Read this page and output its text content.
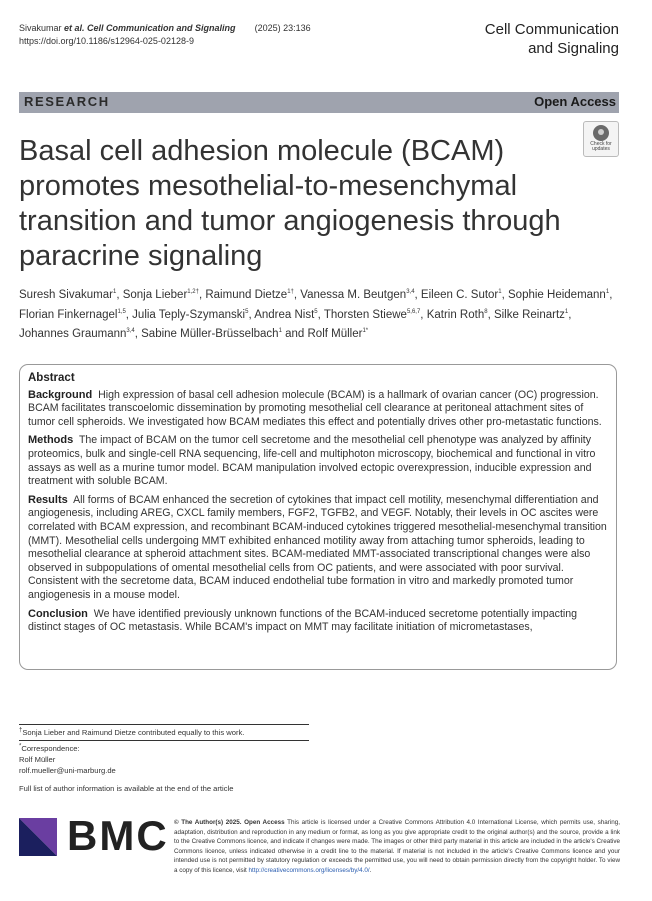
Sivakumar et al. Cell Communication and Signaling (2025) 23:136
https://doi.org/10.1186/s12964-025-02128-9
Cell Communication
and Signaling
RESEARCH	Open Access
Check for
updates
Basal cell adhesion molecule (BCAM) promotes mesothelial-to-mesenchymal transition and tumor angiogenesis through paracrine signaling
Suresh Sivakumar$^1$, Sonja Lieber$^{1,2\dagger}$, Raimund Dietze$^{1\dagger}$, Vanessa M. Beutgen$^{3,4}$, Eileen C. Sutor$^1$, Sophie Heidemann$^1$, Florian Finkernagel$^{1,5}$, Julia Teply-Szymanski$^5$, Andrea Nist$^5$, Thorsten Stiewe$^{5,6,7}$, Katrin Roth$^8$, Silke Reinartz$^1$, Johannes Graumann$^{3,4}$, Sabine Müller-Brüsselbach$^1$ and Rolf Müller$^{1*}$
Abstract

Background High expression of basal cell adhesion molecule (BCAM) is a hallmark of ovarian cancer (OC) progression. BCAM facilitates transcoelomic dissemination by promoting mesothelial cell clearance at peritoneal attachment sites of tumor cell spheroids. We investigated how BCAM mediates this effect and potentially drives other pro-metastatic functions.

Methods The impact of BCAM on the tumor cell secretome and the mesothelial cell phenotype was analyzed by affinity proteomics, bulk and single-cell RNA sequencing, life-cell and multiphoton microscopy, biochemical and functional in vitro assays as well as a murine tumor model. BCAM manipulation involved ectopic overexpression, inducible expression and treatment with soluble BCAM.

Results All forms of BCAM enhanced the secretion of cytokines that impact cell motility, mesenchymal differentiation and angiogenesis, including AREG, CXCL family members, FGF2, TGFB2, and VEGF. Notably, their levels in OC ascites were correlated with BCAM expression, and recombinant BCAM-induced cytokines triggered mesothelial-mesenchymal transition (MMT). Mesothelial cells undergoing MMT exhibited enhanced motility away from attaching tumor spheroids, leading to mesothelial clearance at spheroid attachment sites. BCAM-mediated MMT-associated transcriptional changes were also observed in subpopulations of omental mesothelial cells from OC patients, and were associated with poor survival. Consistent with the secretome data, BCAM induced endothelial tube formation in vitro and markedly promoted tumor angiogenesis in a mouse model.

Conclusion We have identified previously unknown functions of the BCAM-induced secretome potentially impacting distinct stages of OC metastasis. While BCAM's impact on MMT may facilitate initiation of micrometastases,

†Sonja Lieber and Raimund Dietze contributed equally to this work.
*Correspondence:
Rolf Müller
rolf.mueller@uni-marburg.de
Full list of author information is available at the end of the article
BMC © The Author(s) 2025. Open Access This article is licensed under a Creative Commons Attribution 4.0 International License, which permits use, sharing, adaptation, distribution and reproduction in any medium or format, as long as you give appropriate credit to the original author(s) and the source, provide a link to the Creative Commons licence, and indicate if changes were made. The images or other third party material in this article are included in the article's Creative Commons licence, unless indicated otherwise in a credit line to the material. If material is not included in the article's Creative Commons licence and your intended use is not permitted by statutory regulation or exceeds the permitted use, you will need to obtain permission directly from the copyright holder. To view a copy of this licence, visit http://creativecommons.org/licenses/by/4.0/.
